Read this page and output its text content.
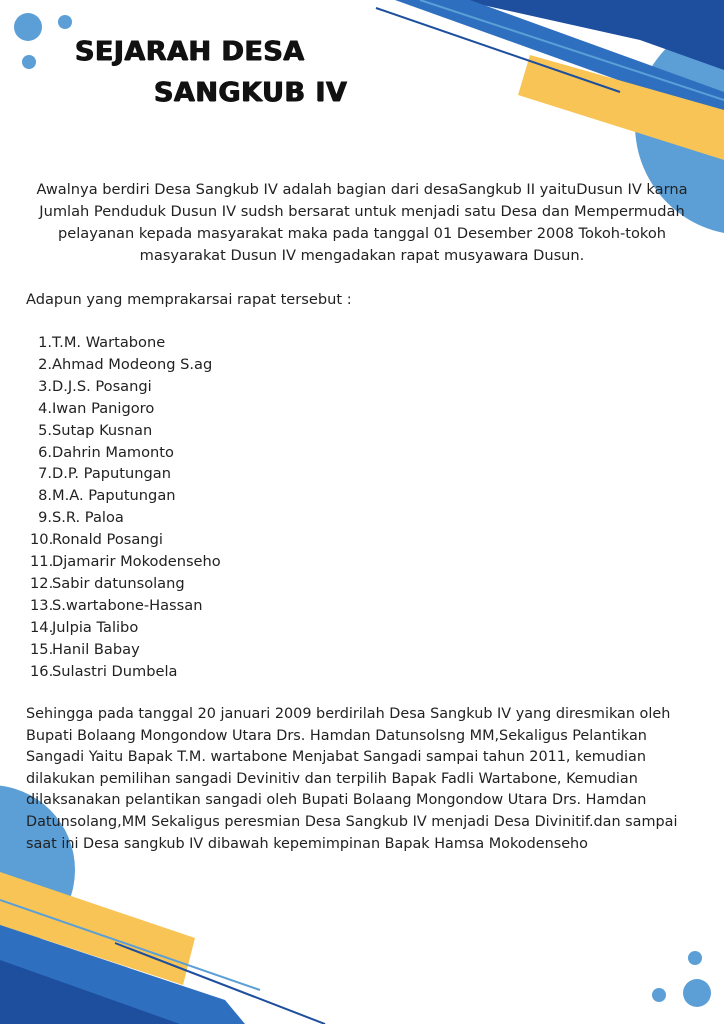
SEJARAH DESA
SANGKUB IV

Awalnya berdiri Desa Sangkub IV adalah bagian dari desaSangkub II yaituDusun IV karna Jumlah Penduduk Dusun IV sudsh bersarat untuk menjadi satu Desa dan Mempermudah pelayanan kepada masyarakat maka pada tanggal 01 Desember 2008 Tokoh-tokoh masyarakat Dusun IV mengadakan rapat musyawara Dusun.

Adapun yang memprakarsai rapat tersebut :

1. T.M. Wartabone
2. Ahmad Modeong S.ag
3. D.J.S. Posangi
4. Iwan Panigoro
5. Sutap Kusnan
6. Dahrin Mamonto
7. D.P. Paputungan
8. M.A. Paputungan
9. S.R. Paloa
10.
Ronald Posangi
11.
Djamarir Mokodenseho
12.
Sabir datunsolang
13.
S.wartabone-Hassan
14.
Julpia Talibo
15.
Hanil Babay
16.
Sulastri Dumbela

Sehingga pada tanggal 20 januari 2009 berdirilah Desa Sangkub IV yang diresmikan oleh Bupati Bolaang Mongondow Utara Drs. Hamdan Datunsolsng MM,Sekaligus Pelantikan Sangadi Yaitu Bapak T.M. wartabone Menjabat Sangadi sampai tahun 2011, kemudian dilakukan pemilihan sangadi Devinitiv dan terpilih Bapak Fadli Wartabone, Kemudian dilaksanakan pelantikan sangadi oleh Bupati Bolaang Mongondow Utara Drs. Hamdan Datunsolang,MM Sekaligus peresmian Desa Sangkub IV menjadi Desa Divinitif.dan sampai saat ini Desa sangkub IV dibawah kepemimpinan Bapak Hamsa Mokodenseho
